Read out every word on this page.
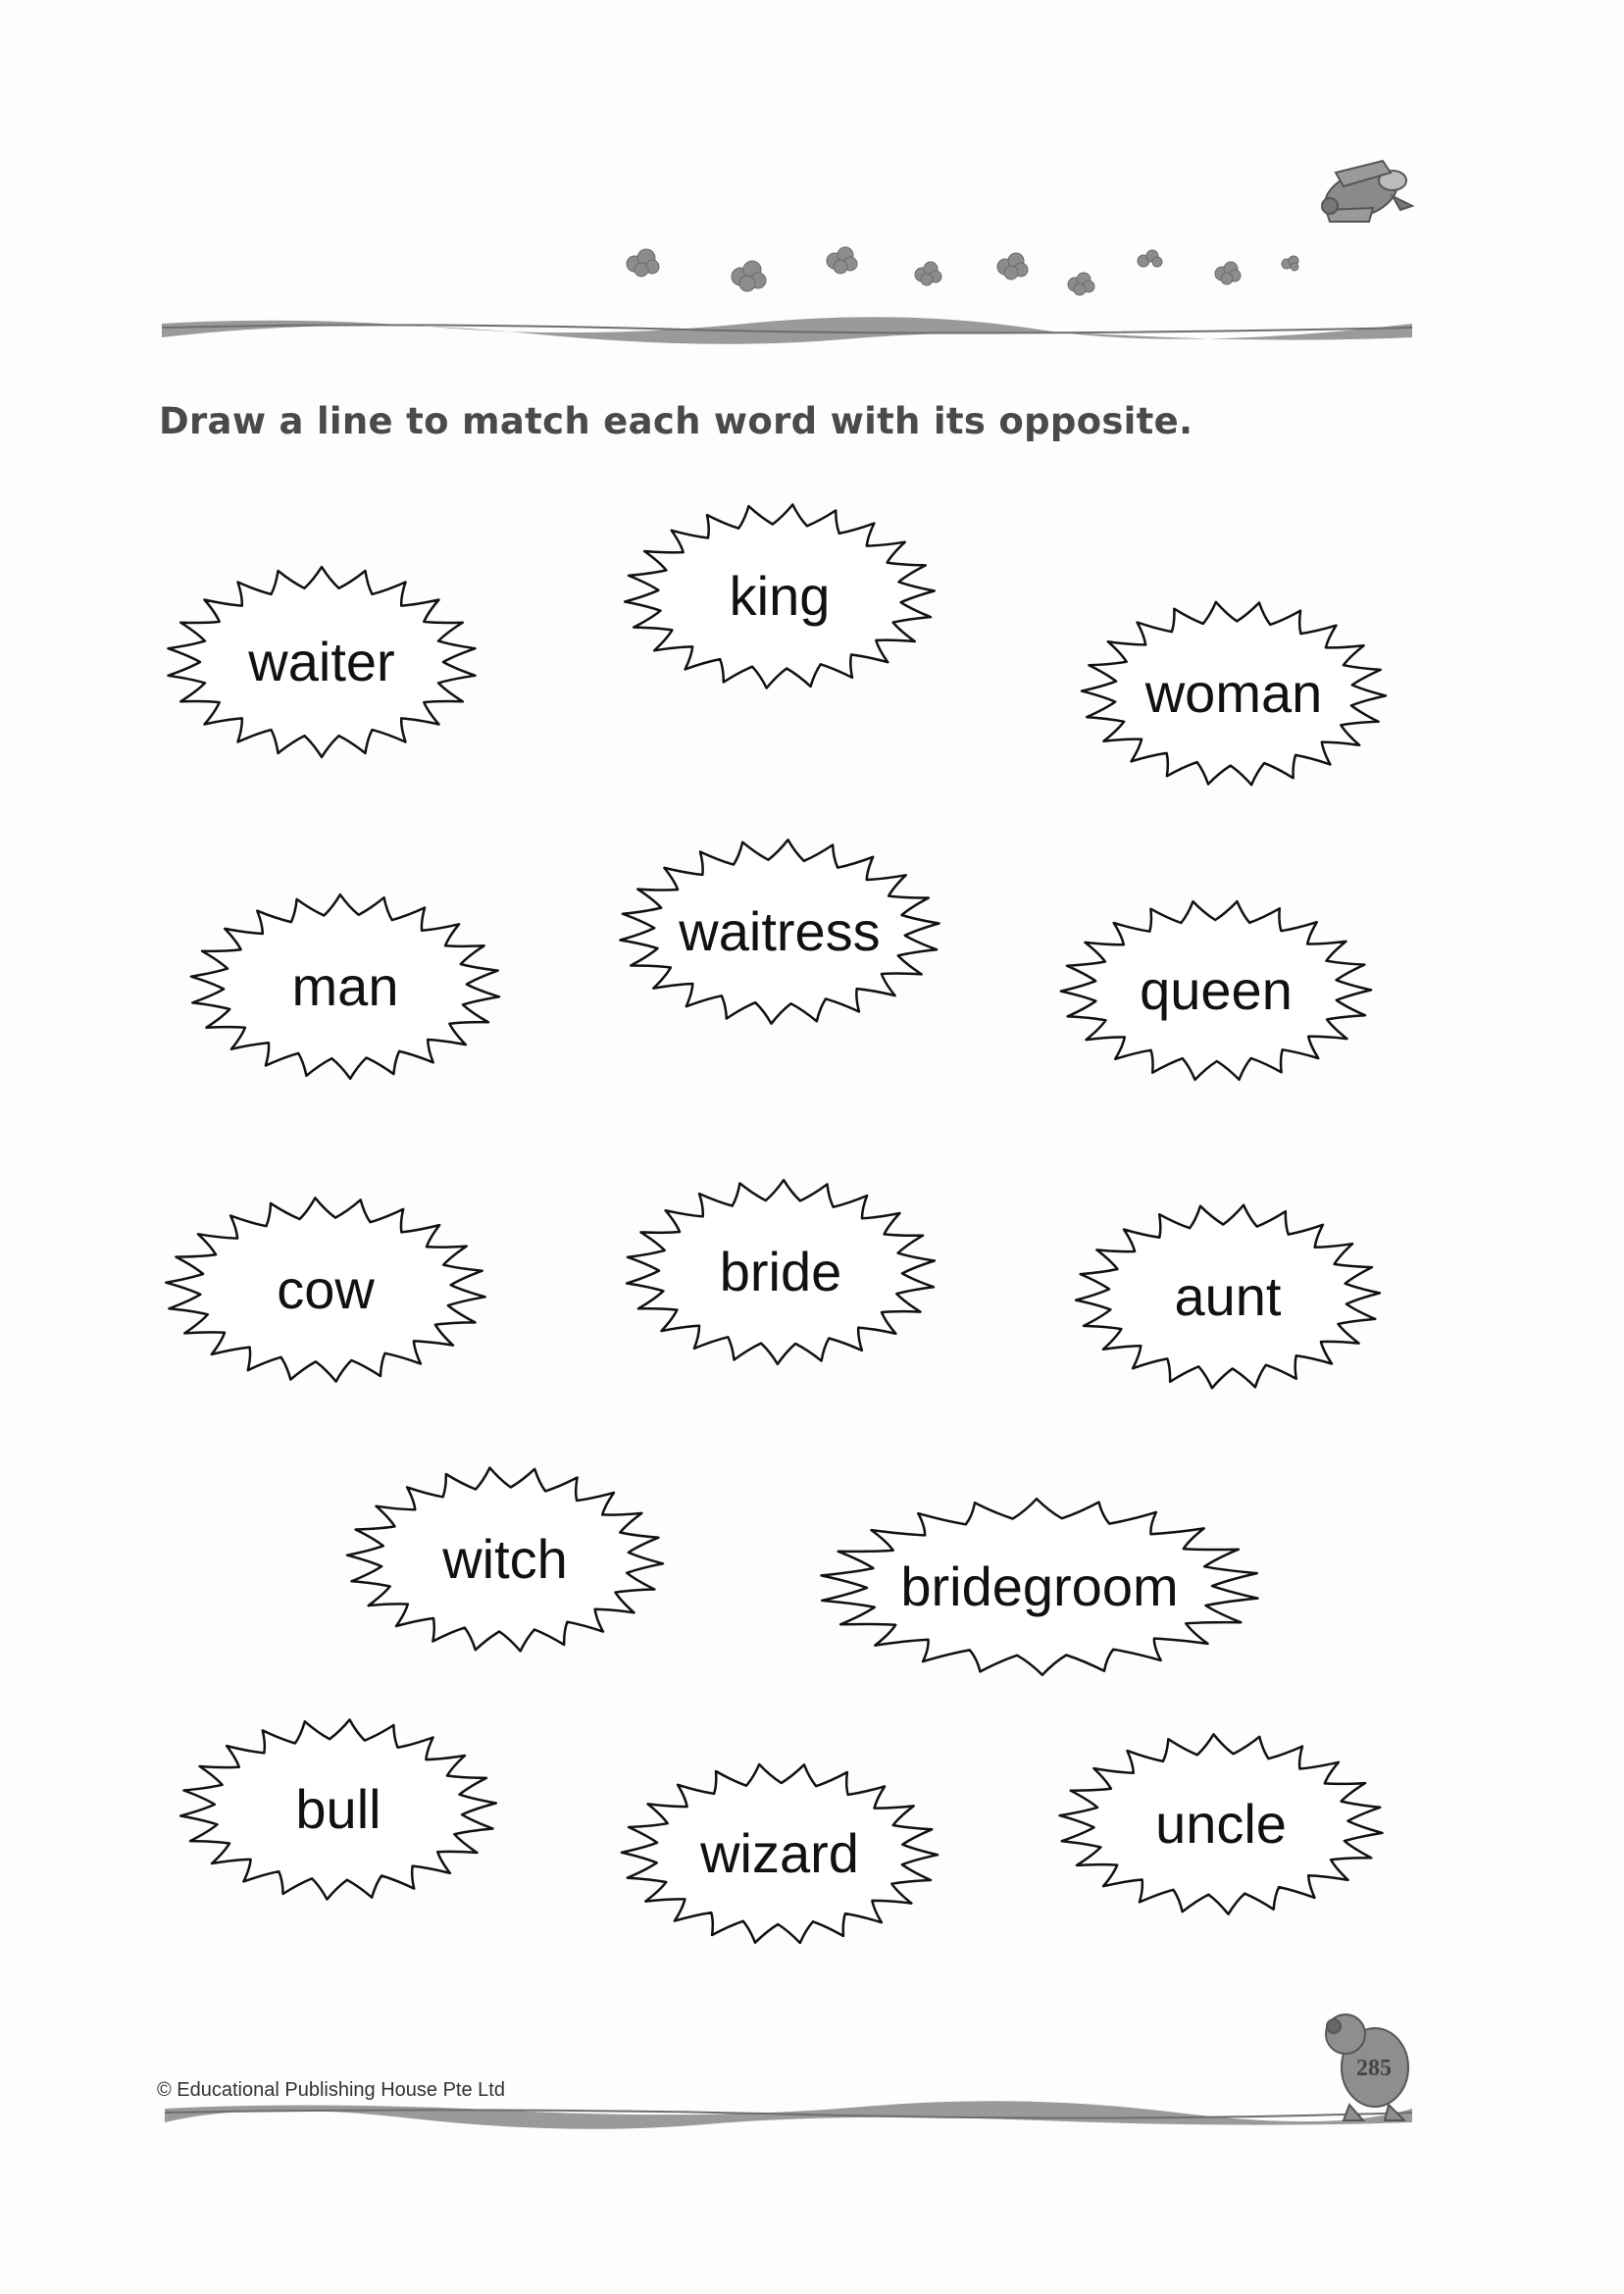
waiter
king
woman
man
waitress
queen
cow	bride	aunt
witch	bridegroom
bull
wizard	uncle
Draw a line to match each word with its opposite.
© Educational Publishing House Pte Ltd
285
